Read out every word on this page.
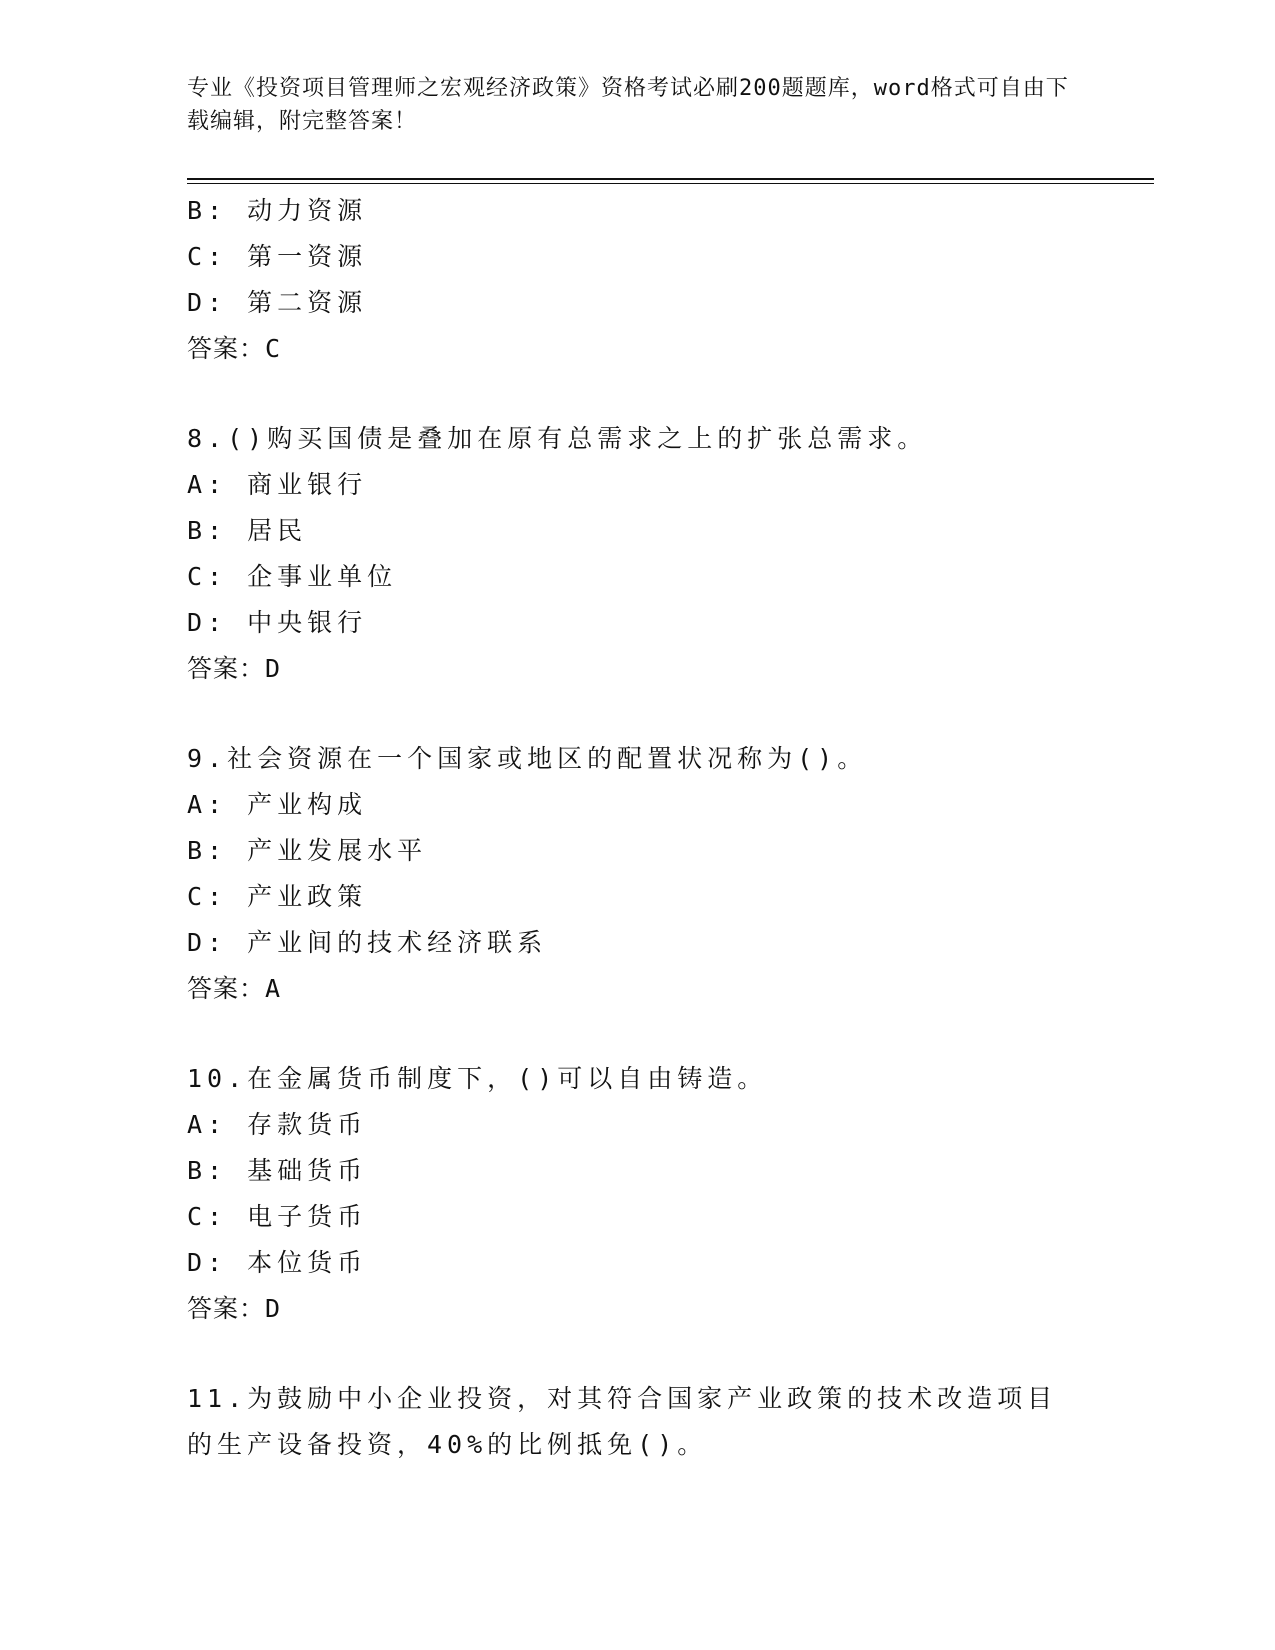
专业《投资项目管理师之宏观经济政策》资格考试必刷200题题库，word格式可自由下载编辑，附完整答案！
B: 动力资源
C: 第一资源
D: 第二资源
答案：C
8.()购买国债是叠加在原有总需求之上的扩张总需求。
A: 商业银行
B: 居民
C: 企事业单位
D: 中央银行
答案：D
9.社会资源在一个国家或地区的配置状况称为()。
A: 产业构成
B: 产业发展水平
C: 产业政策
D: 产业间的技术经济联系
答案：A
10.在金属货币制度下，()可以自由铸造。
A: 存款货币
B: 基础货币
C: 电子货币
D: 本位货币
答案：D
11.为鼓励中小企业投资，对其符合国家产业政策的技术改造项目的生产设备投资，40%的比例抵免()。
